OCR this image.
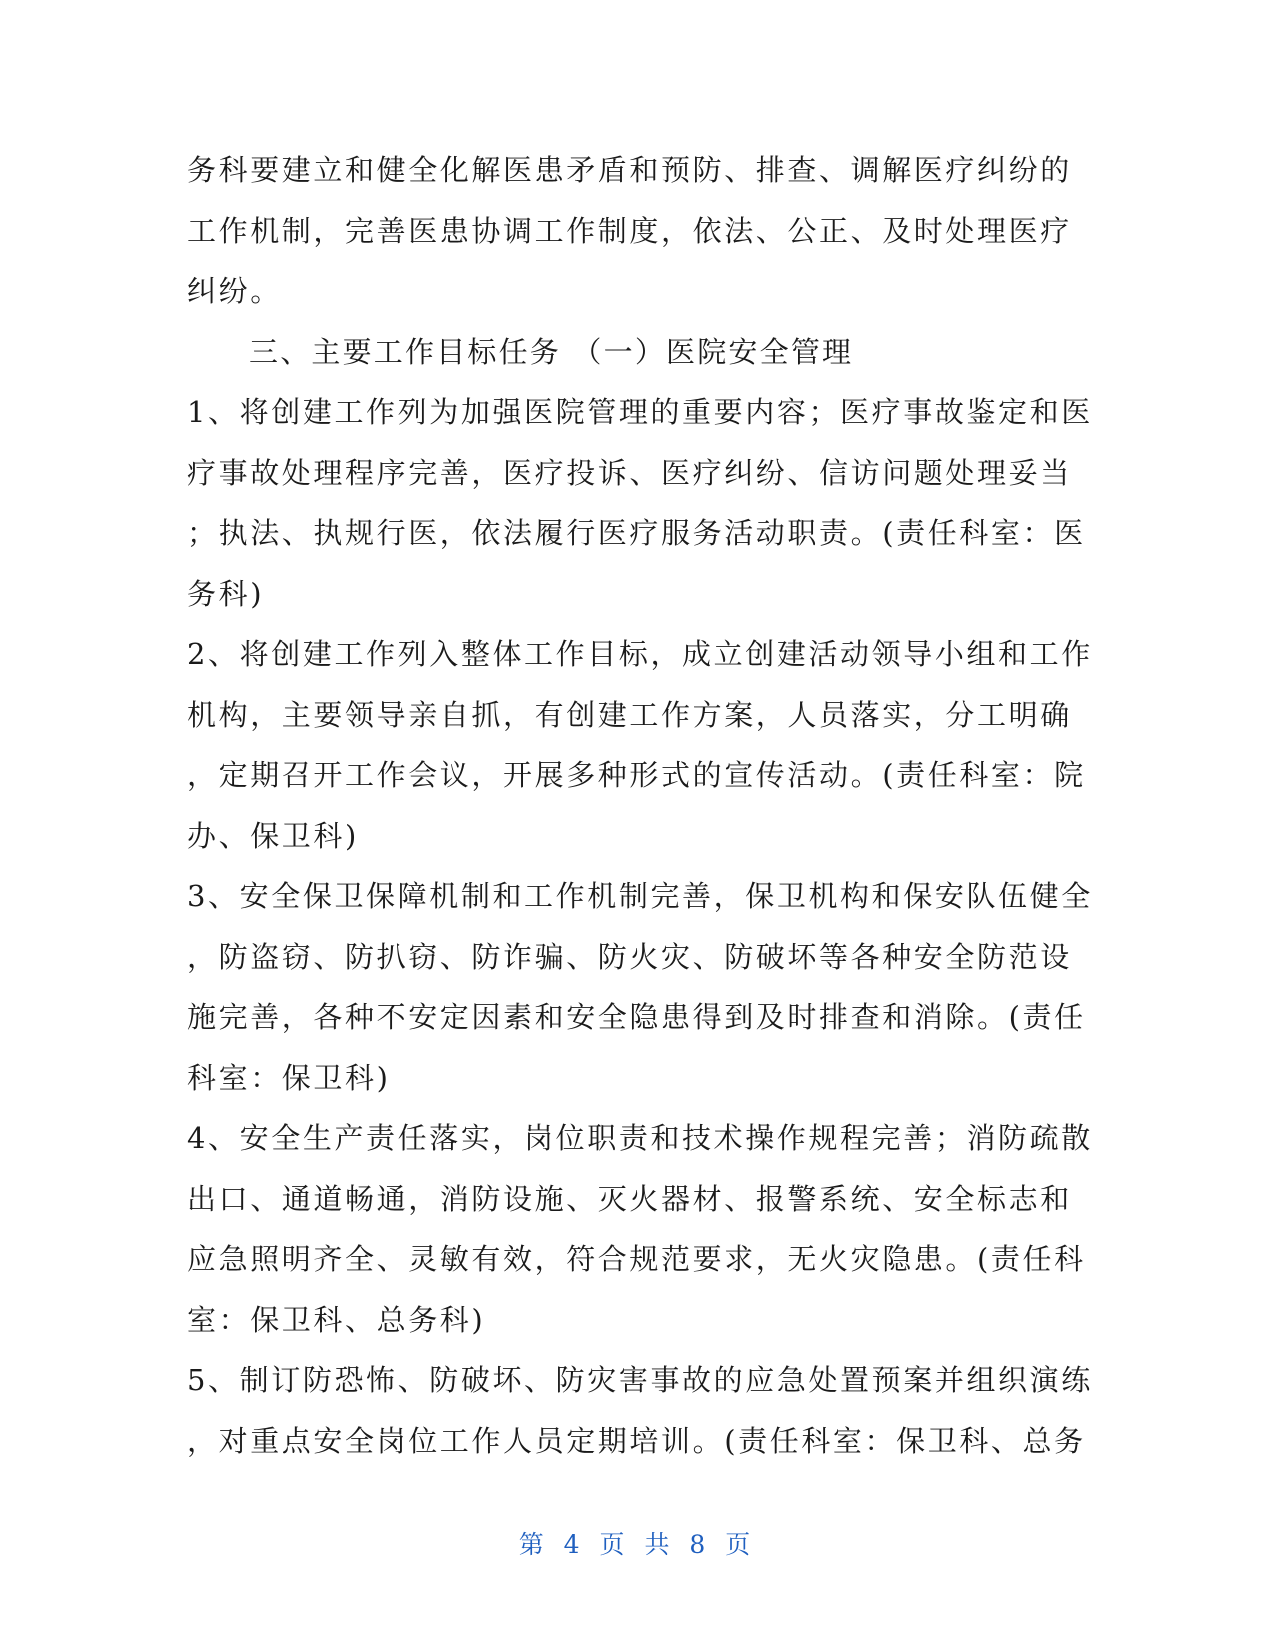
务科要建立和健全化解医患矛盾和预防、排查、调解医疗纠纷的
工作机制，完善医患协调工作制度，依法、公正、及时处理医疗
纠纷。
三、主要工作目标任务 （一）医院安全管理
1、将创建工作列为加强医院管理的重要内容；医疗事故鉴定和医
疗事故处理程序完善，医疗投诉、医疗纠纷、信访问题处理妥当
；执法、执规行医，依法履行医疗服务活动职责。(责任科室：医
务科)
2、将创建工作列入整体工作目标，成立创建活动领导小组和工作
机构，主要领导亲自抓，有创建工作方案，人员落实，分工明确
，定期召开工作会议，开展多种形式的宣传活动。(责任科室：院
办、保卫科)
3、安全保卫保障机制和工作机制完善，保卫机构和保安队伍健全
，防盗窃、防扒窃、防诈骗、防火灾、防破坏等各种安全防范设
施完善，各种不安定因素和安全隐患得到及时排查和消除。(责任
科室：保卫科)
4、安全生产责任落实，岗位职责和技术操作规程完善；消防疏散
出口、通道畅通，消防设施、灭火器材、报警系统、安全标志和
应急照明齐全、灵敏有效，符合规范要求，无火灾隐患。(责任科
室：保卫科、总务科)
5、制订防恐怖、防破坏、防灾害事故的应急处置预案并组织演练
，对重点安全岗位工作人员定期培训。(责任科室：保卫科、总务
第 4 页 共 8 页
